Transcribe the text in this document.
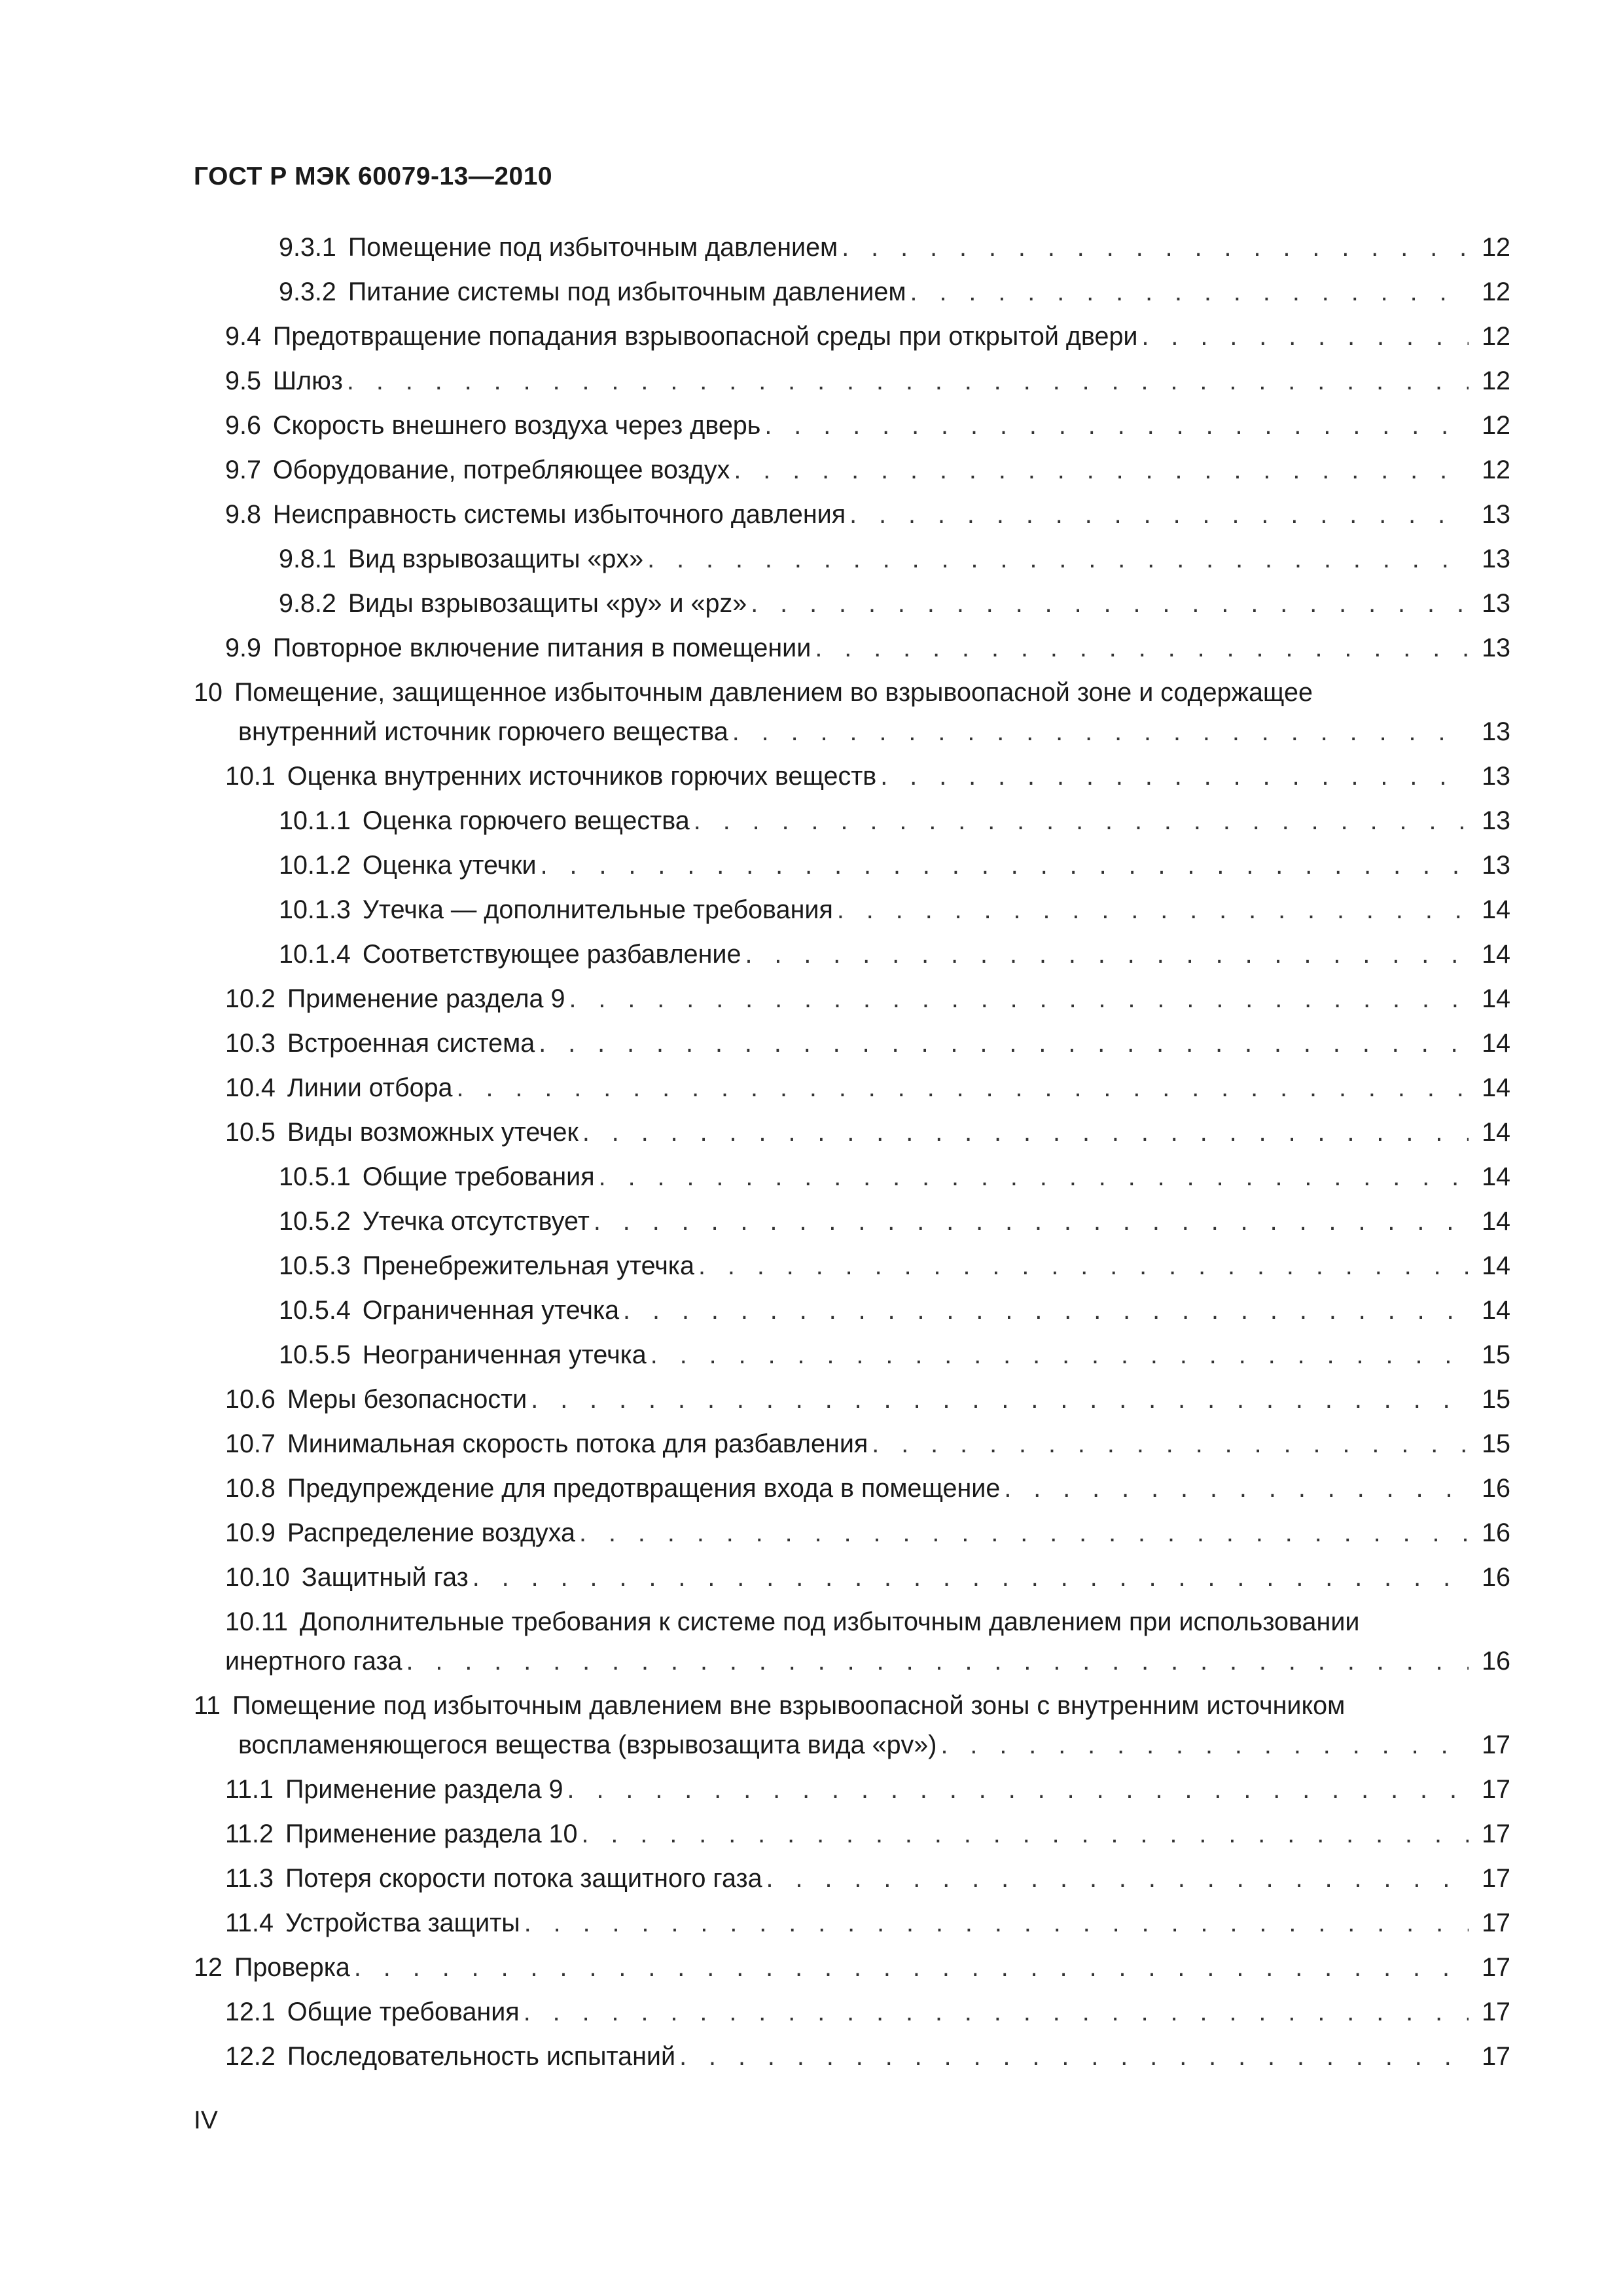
ГОСТ Р МЭК 60079-13—2010
9.3.1 Помещение под избыточным давлением . . .	12
9.3.2 Питание системы под избыточным давлением . . .	12
9.4 Предотвращение попадания взрывоопасной среды при открытой двери . . .	12
9.5 Шлюз . . .	12
9.6 Скорость внешнего воздуха через дверь . . .	12
9.7 Оборудование, потребляющее воздух . . .	12
9.8 Неисправность системы избыточного давления . . .	13
9.8.1 Вид взрывозащиты «px» . . .	13
9.8.2 Виды взрывозащиты «py» и «pz» . . .	13
9.9 Повторное включение питания в помещении . . .	13
10 Помещение, защищенное избыточным давлением во взрывоопасной зоне и содержащее
внутренний источник горючего вещества . . .	13
10.1 Оценка внутренних источников горючих веществ . . .	13
10.1.1 Оценка горючего вещества . . .	13
10.1.2 Оценка утечки . . .	13
10.1.3 Утечка — дополнительные требования . . .	14
10.1.4 Соответствующее разбавление . . .	14
10.2 Применение раздела 9 . . .	14
10.3 Встроенная система . . .	14
10.4 Линии отбора . . .	14
10.5 Виды возможных утечек . . .	14
10.5.1 Общие требования . . .	14
10.5.2 Утечка отсутствует . . .	14
10.5.3 Пренебрежительная утечка . . .	14
10.5.4 Ограниченная утечка . . .	14
10.5.5 Неограниченная утечка . . .	15
10.6 Меры безопасности . . .	15
10.7 Минимальная скорость потока для разбавления . . .	15
10.8 Предупреждение для предотвращения входа в помещение . . .	16
10.9 Распределение воздуха . . .	16
10.10 Защитный газ . . .	16
10.11 Дополнительные требования к системе под избыточным давлением при использовании
инертного газа . . .	16
11 Помещение под избыточным давлением вне взрывоопасной зоны с внутренним источником
воспламеняющегося вещества (взрывозащита вида «pv») . . .	17
11.1 Применение раздела 9 . . .	17
11.2 Применение раздела 10 . . .	17
11.3 Потеря скорости потока защитного газа . . .	17
11.4 Устройства защиты . . .	17
12 Проверка . . .	17
12.1 Общие требования . . .	17
12.2 Последовательность испытаний . . .	17
IV
